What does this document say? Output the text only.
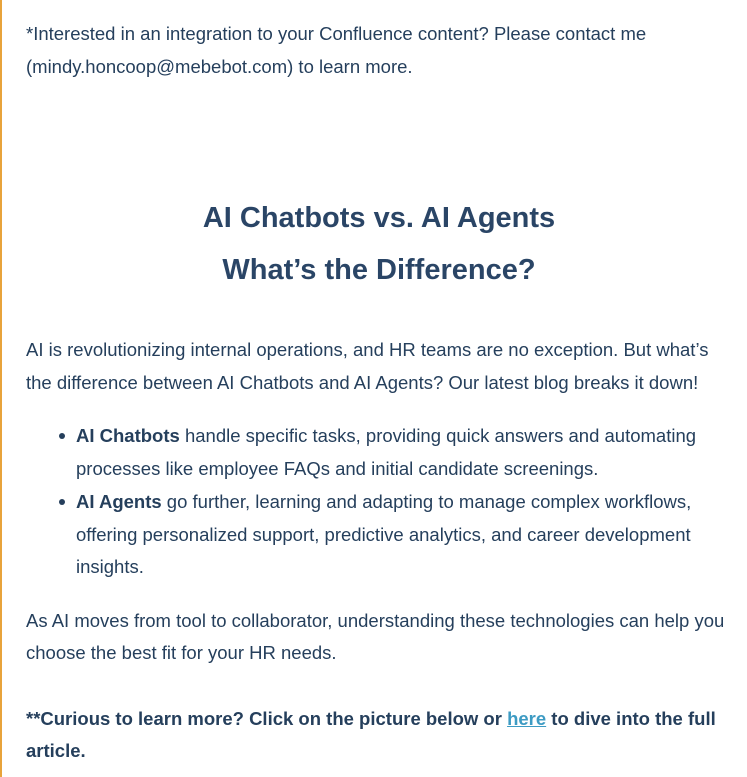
*Interested in an integration to your Confluence content? Please contact me
(mindy.honcoop@mebebot.com) to learn more.

AI Chatbots vs. AI Agents
What’s the Difference?

AI is revolutionizing internal operations, and HR teams are no exception. But what’s the difference between AI Chatbots and AI Agents? Our latest blog breaks it down!

AI Chatbots handle specific tasks, providing quick answers and automating processes like employee FAQs and initial candidate screenings.
AI Agents go further, learning and adapting to manage complex workflows, offering personalized support, predictive analytics, and career development insights.

As AI moves from tool to collaborator, understanding these technologies can help you choose the best fit for your HR needs.

**Curious to learn more? Click on the picture below or here to dive into the full article.
